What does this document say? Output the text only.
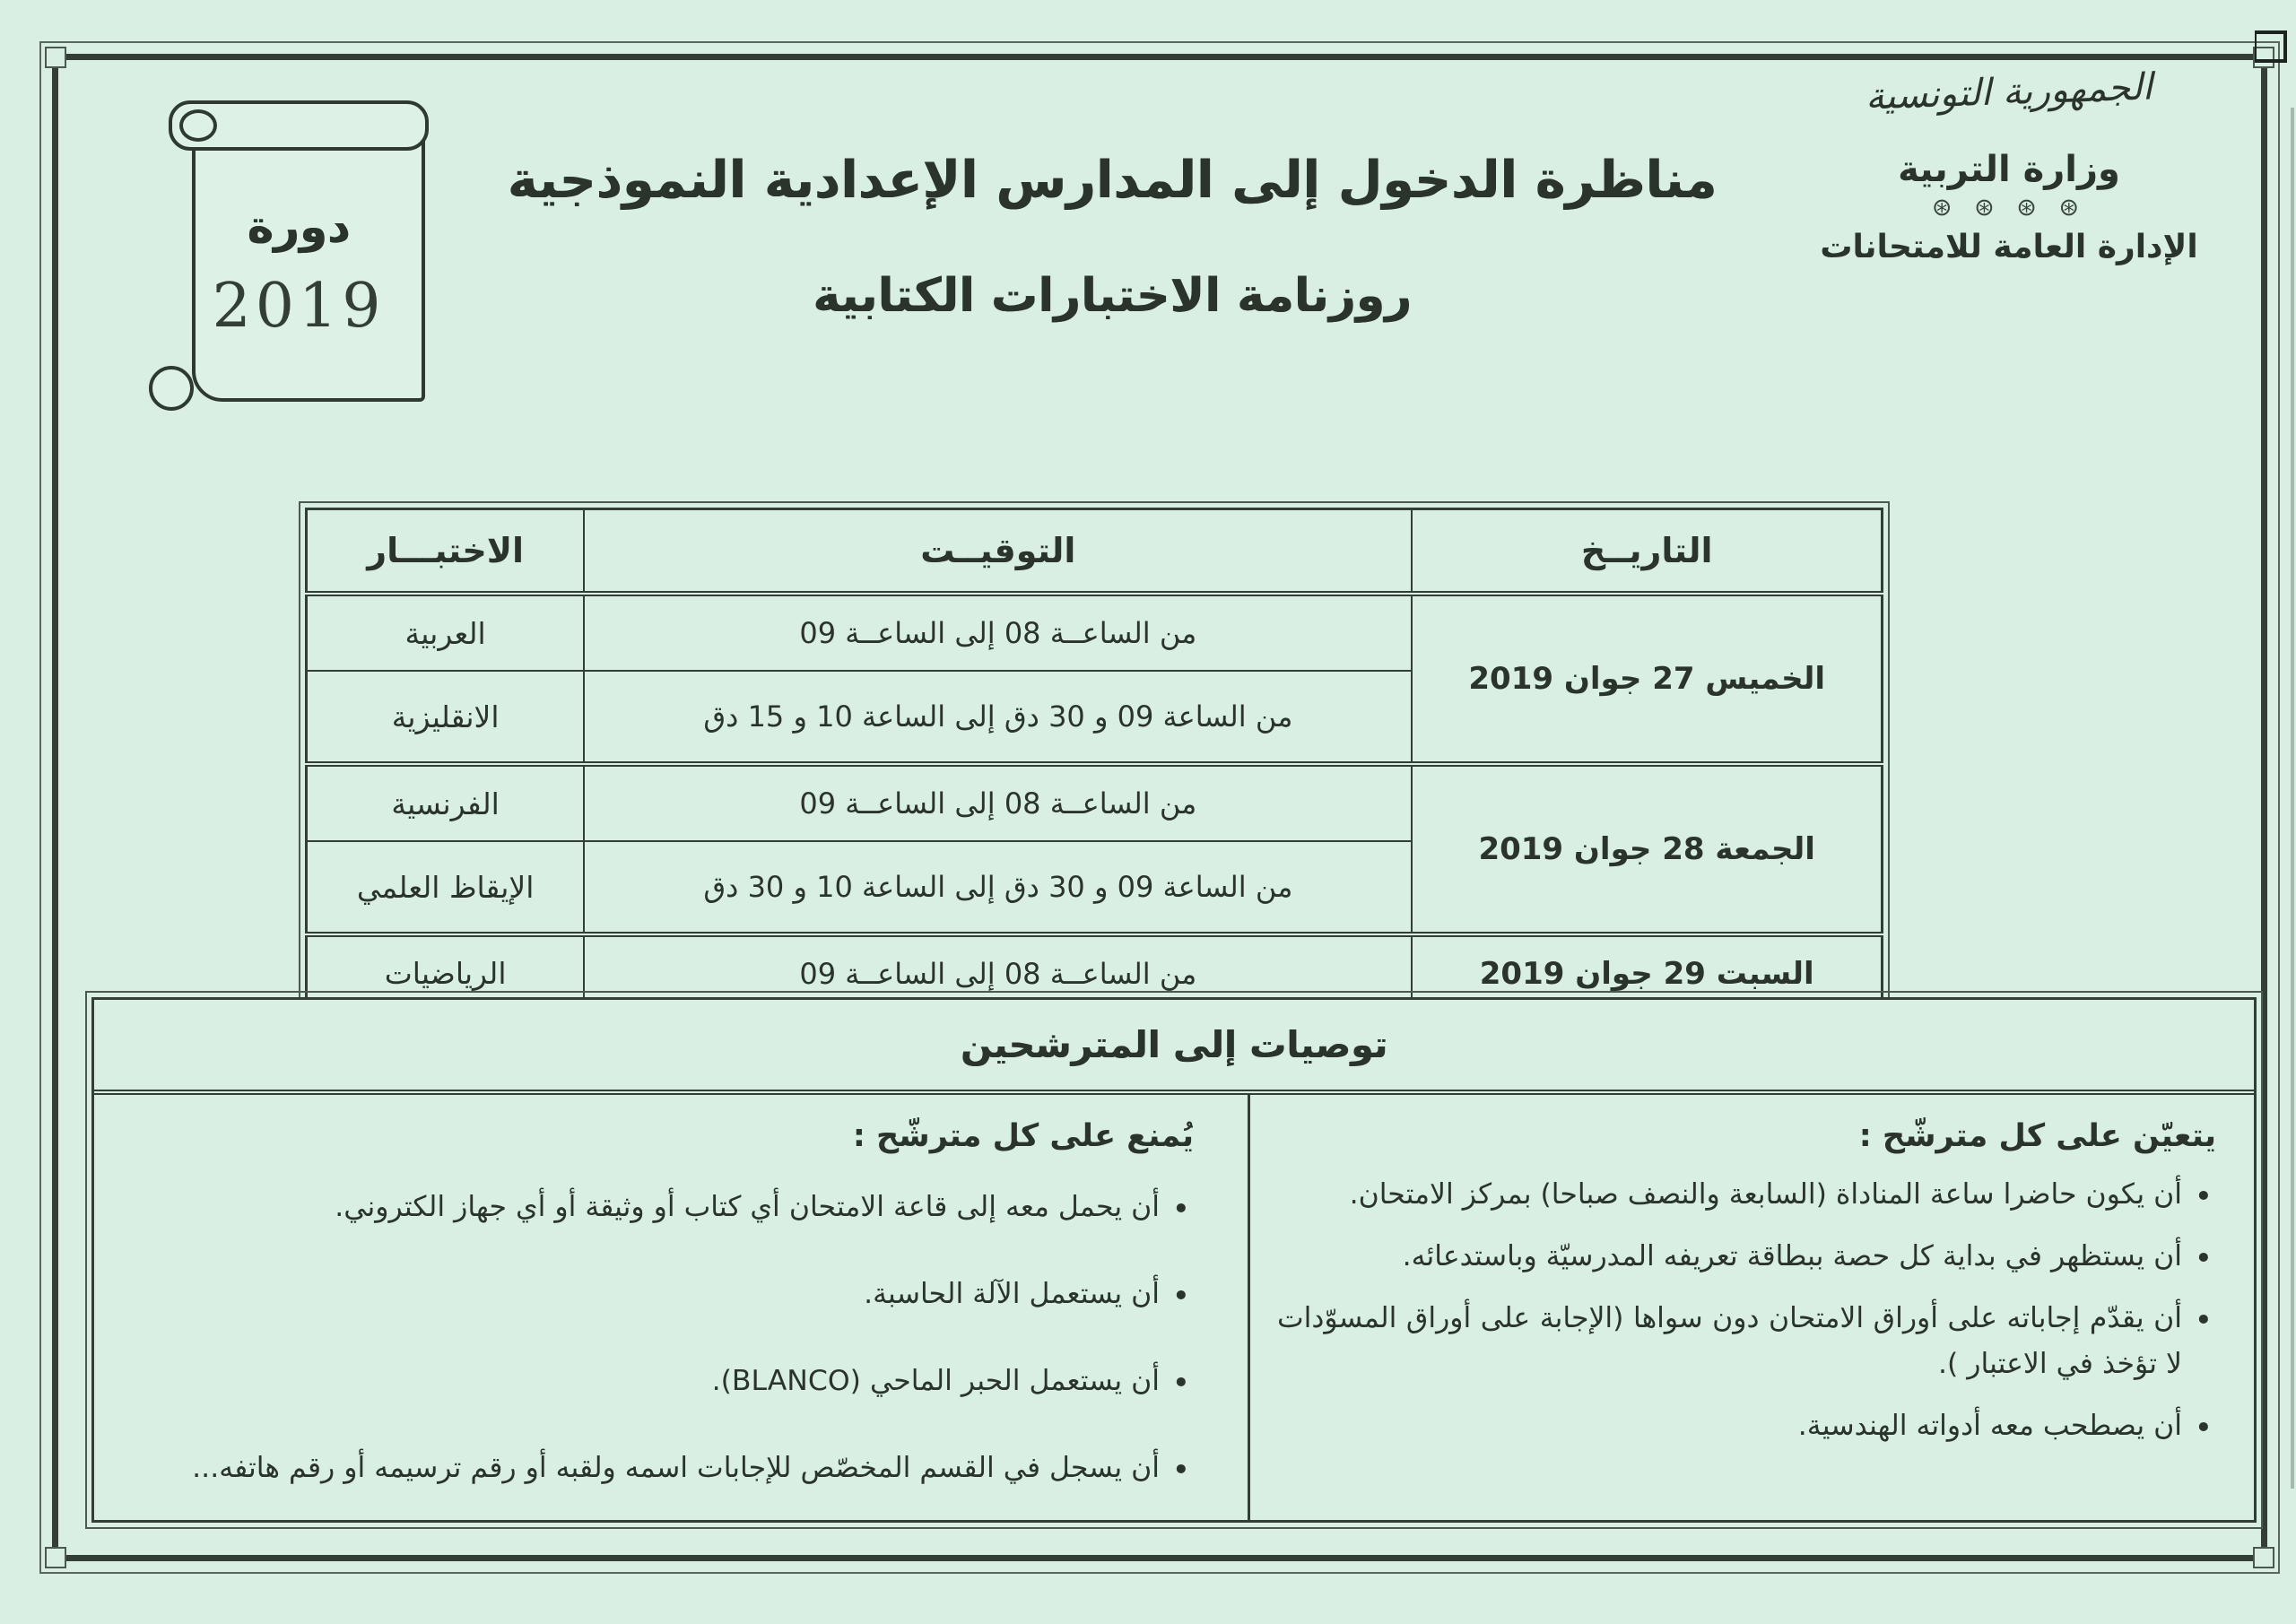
الجمهورية التونسية
وزارة التربية
⊛ ⊛ ⊛ ⊛
الإدارة العامة للامتحانات
مناظرة الدخول إلى المدارس الإعدادية النموذجية
روزنامة الاختبارات الكتابية
دورة
2019
التاريــخ	التوقيــت	الاختبـــار
الخميس 27 جوان 2019	من الساعــة 08 إلى الساعــة 09	العربية
	من الساعة 09 و 30 دق إلى الساعة 10 و 15 دق	الانقليزية
الجمعة 28 جوان 2019	من الساعــة 08 إلى الساعــة 09	الفرنسية
	من الساعة 09 و 30 دق إلى الساعة 10 و 30 دق	الإيقاظ العلمي
السبت 29 جوان 2019	من الساعــة 08 إلى الساعــة 09	الرياضيات
توصيات إلى المترشحين
يتعيّن على كل مترشّح :
• أن يكون حاضرا ساعة المناداة (السابعة والنصف صباحا) بمركز الامتحان.
• أن يستظهر في بداية كل حصة ببطاقة تعريفه المدرسيّة وباستدعائه.
• أن يقدّم إجاباته على أوراق الامتحان دون سواها (الإجابة على أوراق المسوّدات لا تؤخذ في الاعتبار ).
• أن يصطحب معه أدواته الهندسية.
يُمنع على كل مترشّح :
• أن يحمل معه إلى قاعة الامتحان أي كتاب أو وثيقة أو أي جهاز الكتروني.
• أن يستعمل الآلة الحاسبة.
• أن يستعمل الحبر الماحي (BLANCO).
• أن يسجل في القسم المخصّص للإجابات اسمه ولقبه أو رقم ترسيمه أو رقم هاتفه...
